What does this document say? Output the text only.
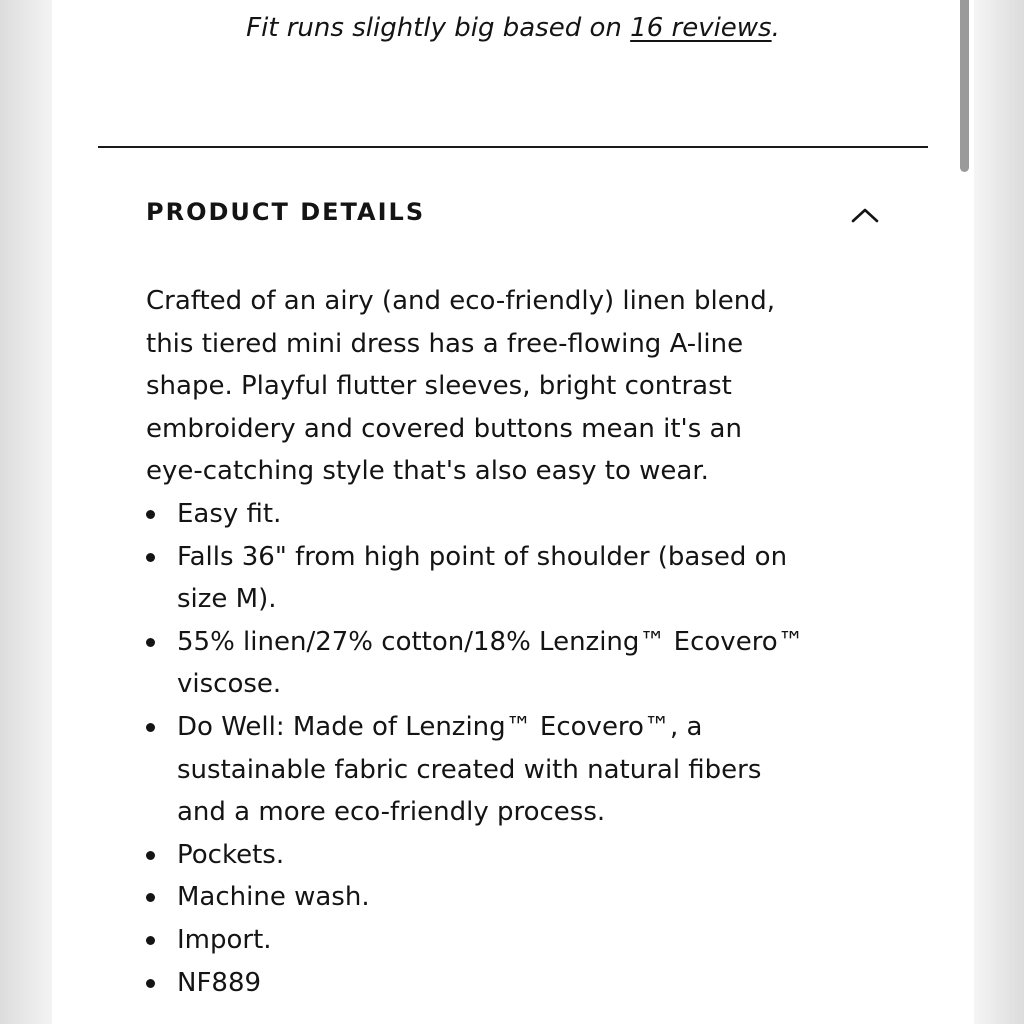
Fit runs slightly big based on 16 reviews.
PRODUCT DETAILS

Crafted of an airy (and eco-friendly) linen blend,
this tiered mini dress has a free-flowing A-line
shape. Playful flutter sleeves, bright contrast
embroidery and covered buttons mean it's an
eye-catching style that's also easy to wear.

Easy fit.
Falls 36" from high point of shoulder (based on
size M).
55% linen/27% cotton/18% Lenzing™ Ecovero™
viscose.
Do Well: Made of Lenzing™ Ecovero™, a
sustainable fabric created with natural fibers
and a more eco-friendly process.
Pockets.
Machine wash.
Import.
NF889
